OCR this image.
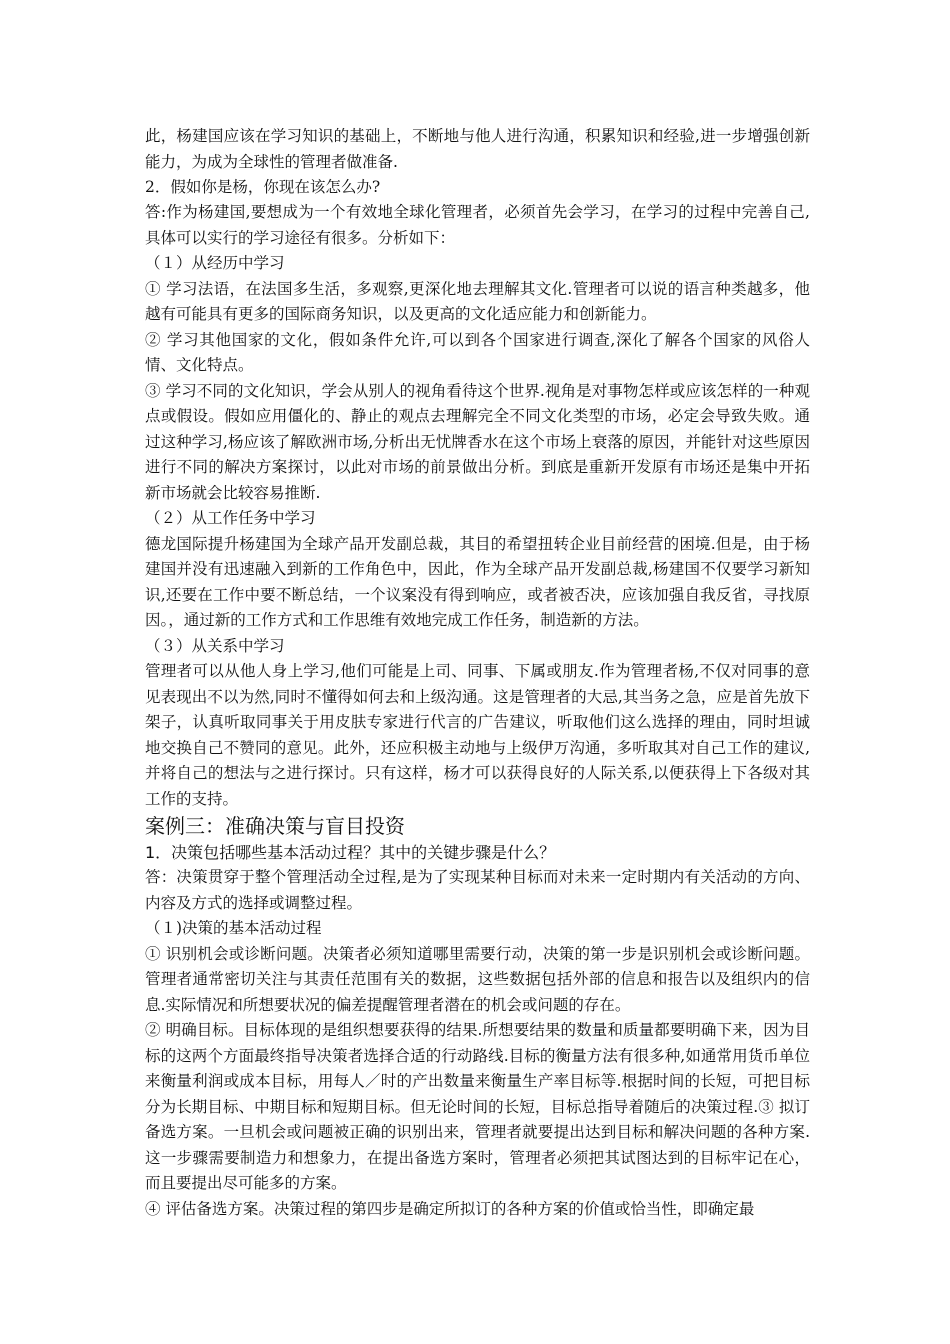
此，杨建国应该在学习知识的基础上，不断地与他人进行沟通，积累知识和经验,进一步增强创新能力，为成为全球性的管理者做准备.

2．假如你是杨，你现在该怎么办?

答:作为杨建国,要想成为一个有效地全球化管理者，必须首先会学习，在学习的过程中完善自己,具体可以实行的学习途径有很多。分析如下：

（１）从经历中学习

① 学习法语，在法国多生活，多观察,更深化地去理解其文化.管理者可以说的语言种类越多，他越有可能具有更多的国际商务知识，以及更高的文化适应能力和创新能力。

② 学习其他国家的文化，假如条件允许,可以到各个国家进行调查,深化了解各个国家的风俗人情、文化特点。

③ 学习不同的文化知识，学会从别人的视角看待这个世界.视角是对事物怎样或应该怎样的一种观点或假设。假如应用僵化的、静止的观点去理解完全不同文化类型的市场，必定会导致失败。通过这种学习,杨应该了解欧洲市场,分析出无忧牌香水在这个市场上衰落的原因，并能针对这些原因进行不同的解决方案探讨，以此对市场的前景做出分析。到底是重新开发原有市场还是集中开拓新市场就会比较容易推断.

（２）从工作任务中学习

德龙国际提升杨建国为全球产品开发副总裁，其目的希望扭转企业目前经营的困境.但是，由于杨建国并没有迅速融入到新的工作角色中，因此，作为全球产品开发副总裁,杨建国不仅要学习新知识,还要在工作中要不断总结，一个议案没有得到响应，或者被否决，应该加强自我反省，寻找原因。，通过新的工作方式和工作思维有效地完成工作任务，制造新的方法。

（３）从关系中学习

管理者可以从他人身上学习,他们可能是上司、同事、下属或朋友.作为管理者杨,不仅对同事的意见表现出不以为然,同时不懂得如何去和上级沟通。这是管理者的大忌,其当务之急，应是首先放下架子，认真听取同事关于用皮肤专家进行代言的广告建议，听取他们这么选择的理由，同时坦诚地交换自己不赞同的意见。此外，还应积极主动地与上级伊万沟通，多听取其对自己工作的建议,并将自己的想法与之进行探讨。只有这样，杨才可以获得良好的人际关系,以便获得上下各级对其工作的支持。

案例三：准确决策与盲目投资
1．决策包括哪些基本活动过程？其中的关键步骤是什么？

答：决策贯穿于整个管理活动全过程,是为了实现某种目标而对未来一定时期内有关活动的方向、内容及方式的选择或调整过程。

（１)决策的基本活动过程

① 识别机会或诊断问题。决策者必须知道哪里需要行动，决策的第一步是识别机会或诊断问题。管理者通常密切关注与其责任范围有关的数据，这些数据包括外部的信息和报告以及组织内的信息.实际情况和所想要状况的偏差提醒管理者潜在的机会或问题的存在。

② 明确目标。目标体现的是组织想要获得的结果.所想要结果的数量和质量都要明确下来，因为目标的这两个方面最终指导决策者选择合适的行动路线.目标的衡量方法有很多种,如通常用货币单位来衡量利润或成本目标，用每人／时的产出数量来衡量生产率目标等.根据时间的长短，可把目标分为长期目标、中期目标和短期目标。但无论时间的长短，目标总指导着随后的决策过程.③ 拟订备选方案。一旦机会或问题被正确的识别出来，管理者就要提出达到目标和解决问题的各种方案.这一步骤需要制造力和想象力，在提出备选方案时，管理者必须把其试图达到的目标牢记在心，而且要提出尽可能多的方案。

④ 评估备选方案。决策过程的第四步是确定所拟订的各种方案的价值或恰当性，即确定最
